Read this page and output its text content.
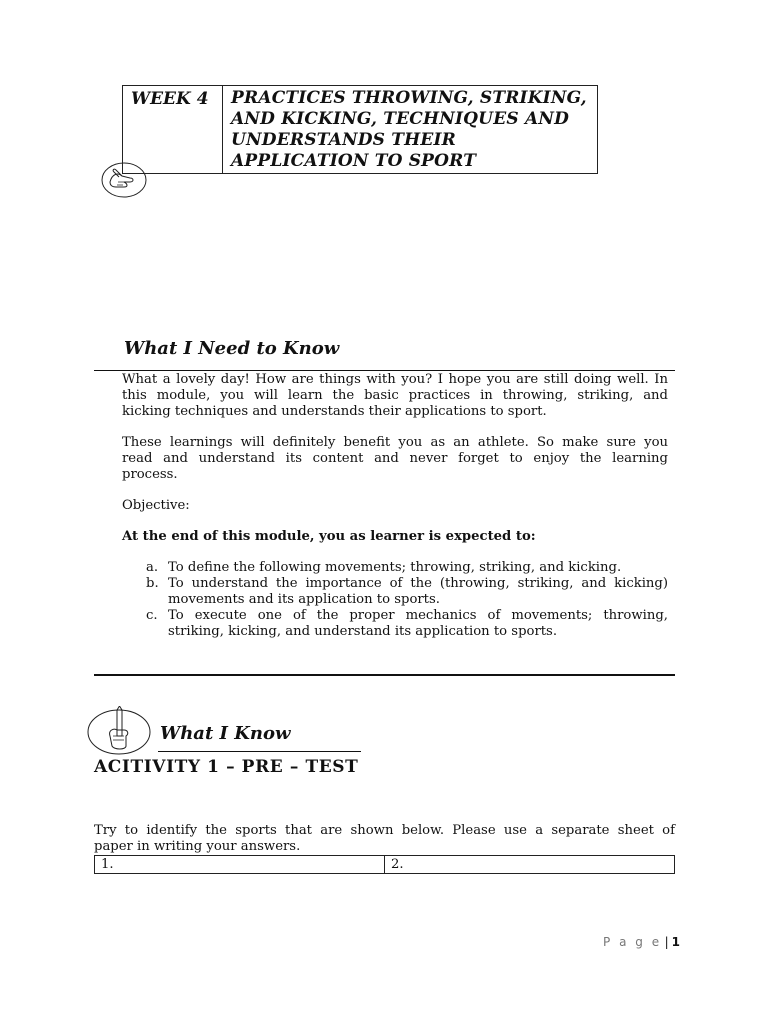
WEEK 4	PRACTICES THROWING, STRIKING,
AND KICKING, TECHNIQUES AND
UNDERSTANDS THEIR
APPLICATION TO SPORT
What I Need to Know
What a lovely day! How are things with you? I hope you are still doing well. In
this module, you will learn the basic practices in throwing, striking, and
kicking techniques and understands their applications to sport.
These learnings will definitely benefit you as an athlete. So make sure you
read and understand its content and never forget to enjoy the learning
process.
Objective:
At the end of this module, you as learner is expected to:
a. To define the following movements; throwing, striking, and kicking.
b. To understand the importance of the (throwing, striking, and kicking)
movements and its application to sports.
c. To execute one of the proper mechanics of movements; throwing,
striking, kicking, and understand its application to sports.
What I Know
ACITIVITY 1 – PRE – TEST
Try to identify the sports that are shown below. Please use a separate sheet of
paper in writing your answers.
1.	2.
P a g e | 1
